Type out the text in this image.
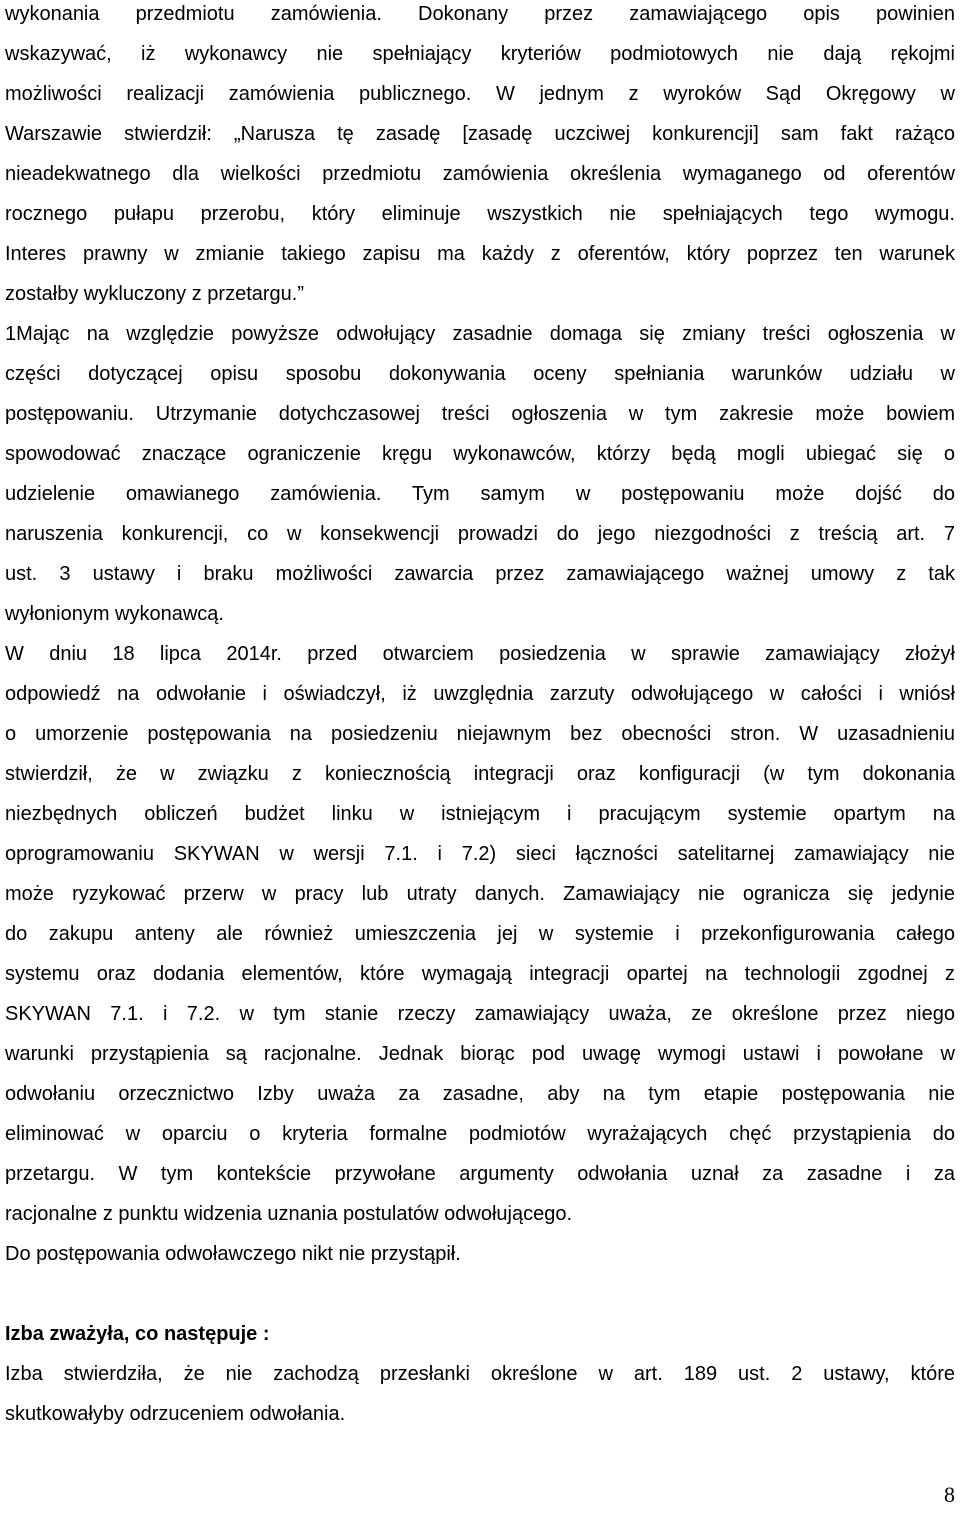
wykonania przedmiotu zamówienia. Dokonany przez zamawiającego opis powinien
wskazywać, iż wykonawcy nie spełniający kryteriów podmiotowych nie dają rękojmi
możliwości realizacji zamówienia publicznego. W jednym z wyroków Sąd Okręgowy w
Warszawie stwierdził: „Narusza tę zasadę [zasadę uczciwej konkurencji] sam fakt rażąco
nieadekwatnego dla wielkości przedmiotu zamówienia określenia wymaganego od oferentów
rocznego pułapu przerobu, który eliminuje wszystkich nie spełniających tego wymogu.
Interes prawny w zmianie takiego zapisu ma każdy z oferentów, który poprzez ten warunek
zostałby wykluczony z przetargu.”
1Mając na względzie powyższe odwołujący zasadnie domaga się zmiany treści ogłoszenia w
części dotyczącej opisu sposobu dokonywania oceny spełniania warunków udziału w
postępowaniu. Utrzymanie dotychczasowej treści ogłoszenia w tym zakresie może bowiem
spowodować znaczące ograniczenie kręgu wykonawców, którzy będą mogli ubiegać się o
udzielenie omawianego zamówienia. Tym samym w postępowaniu może dojść do
naruszenia konkurencji, co w konsekwencji prowadzi do jego niezgodności z treścią art. 7
ust. 3 ustawy i braku możliwości zawarcia przez zamawiającego ważnej umowy z tak
wyłonionym wykonawcą.
W dniu 18 lipca 2014r. przed otwarciem posiedzenia w sprawie zamawiający złożył
odpowiedź na odwołanie i oświadczył, iż uwzględnia zarzuty odwołującego w całości i wniósł
o umorzenie postępowania na posiedzeniu niejawnym bez obecności stron. W uzasadnieniu
stwierdził, że w związku z koniecznością integracji oraz konfiguracji (w tym dokonania
niezbędnych obliczeń budżet linku w istniejącym i pracującym systemie opartym na
oprogramowaniu SKYWAN w wersji 7.1. i 7.2) sieci łączności satelitarnej zamawiający nie
może ryzykować przerw w pracy lub utraty danych. Zamawiający nie ogranicza się jedynie
do zakupu anteny ale również umieszczenia jej w systemie i przekonfigurowania całego
systemu oraz dodania elementów, które wymagają integracji opartej na technologii zgodnej z
SKYWAN 7.1. i 7.2. w tym stanie rzeczy zamawiający uważa, ze określone przez niego
warunki przystąpienia są racjonalne. Jednak biorąc pod uwagę wymogi ustawi i powołane w
odwołaniu orzecznictwo Izby uważa za zasadne, aby na tym etapie postępowania nie
eliminować w oparciu o kryteria formalne podmiotów wyrażających chęć przystąpienia do
przetargu. W tym kontekście przywołane argumenty odwołania uznał za zasadne i za
racjonalne z punktu widzenia uznania postulatów odwołującego.
Do postępowania odwoławczego nikt nie przystąpił.
Izba zważyła, co następuje :
Izba stwierdziła, że nie zachodzą przesłanki określone w art. 189 ust. 2 ustawy, które
skutkowałyby odrzuceniem odwołania.
8
